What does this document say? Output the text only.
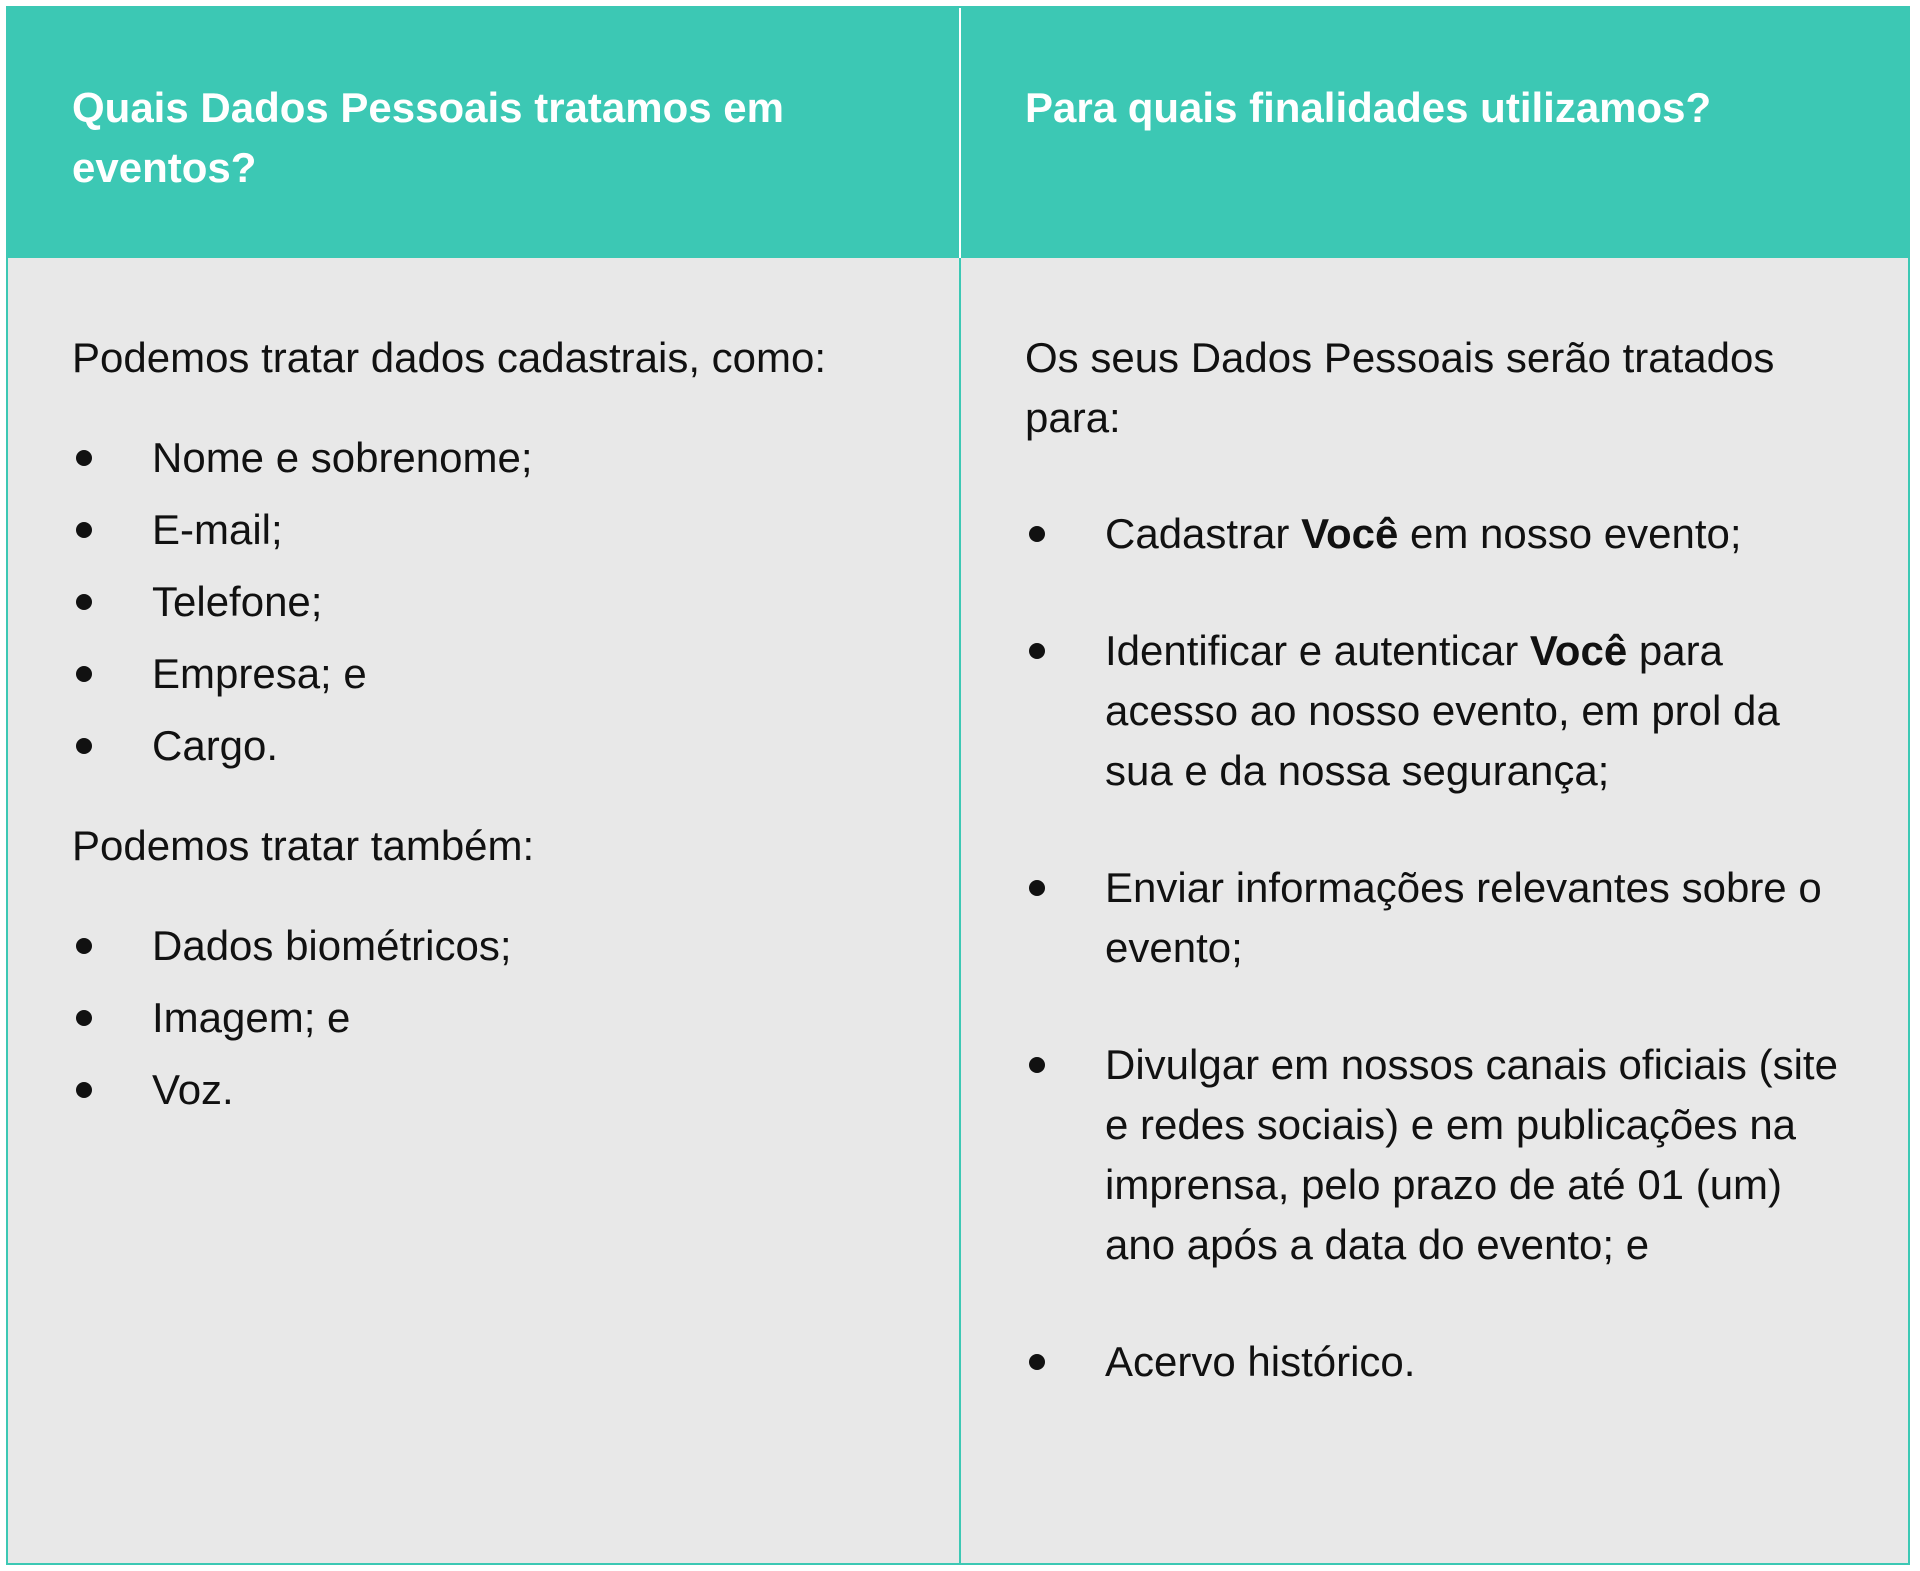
Quais Dados Pessoais tratamos em eventos?
Para quais finalidades utilizamos?

Podemos tratar dados cadastrais, como:

Nome e sobrenome;
E-mail;
Telefone;
Empresa; e
Cargo.

Podemos tratar também:

Dados biométricos;
Imagem; e
Voz.

Os seus Dados Pessoais serão tratados para:

Cadastrar Você em nosso evento;
Identificar e autenticar Você para acesso ao nosso evento, em prol da sua e da nossa segurança;
Enviar informações relevantes sobre o evento;
Divulgar em nossos canais oficiais (site e redes sociais) e em publicações na imprensa, pelo prazo de até 01 (um) ano após a data do evento; e
Acervo histórico.
